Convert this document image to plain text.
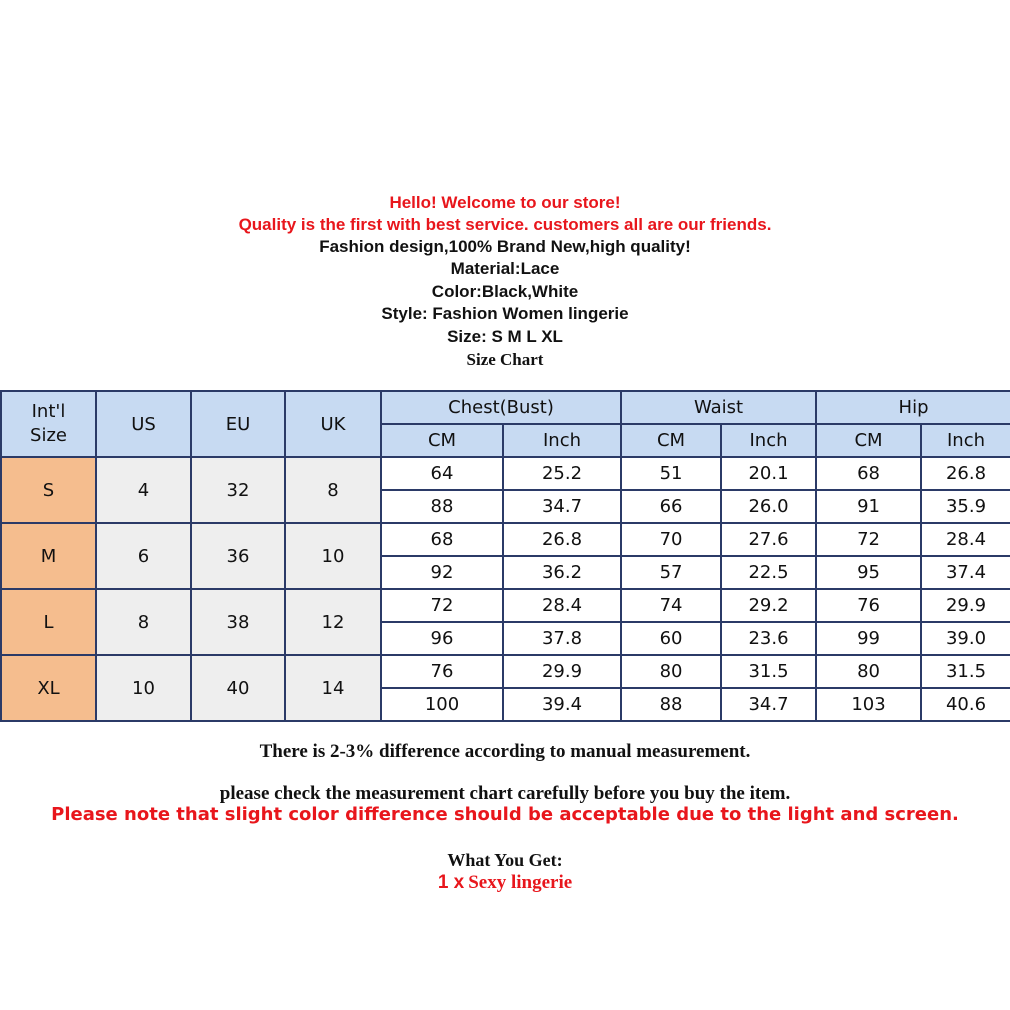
Hello! Welcome to our store!
Quality is the first with best service. customers all are our friends.
Fashion design,100% Brand New,high quality!
Material:Lace
Color:Black,White
Style: Fashion Women lingerie
Size: S M L XL
Size Chart
Int'l
Size	US	EU	UK	Chest(Bust)		Waist		Hip	
				CM	Inch	CM	Inch	CM	Inch
S	4	32	8	64	25.2	51	20.1	68	26.8
				88	34.7	66	26.0	91	35.9
M	6	36	10	68	26.8	70	27.6	72	28.4
				92	36.2	57	22.5	95	37.4
L	8	38	12	72	28.4	74	29.2	76	29.9
				96	37.8	60	23.6	99	39.0
XL	10	40	14	76	29.9	80	31.5	80	31.5
				100	39.4	88	34.7	103	40.6
There is 2-3% difference according to manual measurement.
please check the measurement chart carefully before you buy the item.
Please note that slight color difference should be acceptable due to the light and screen.
What You Get:
1 x Sexy lingerie
